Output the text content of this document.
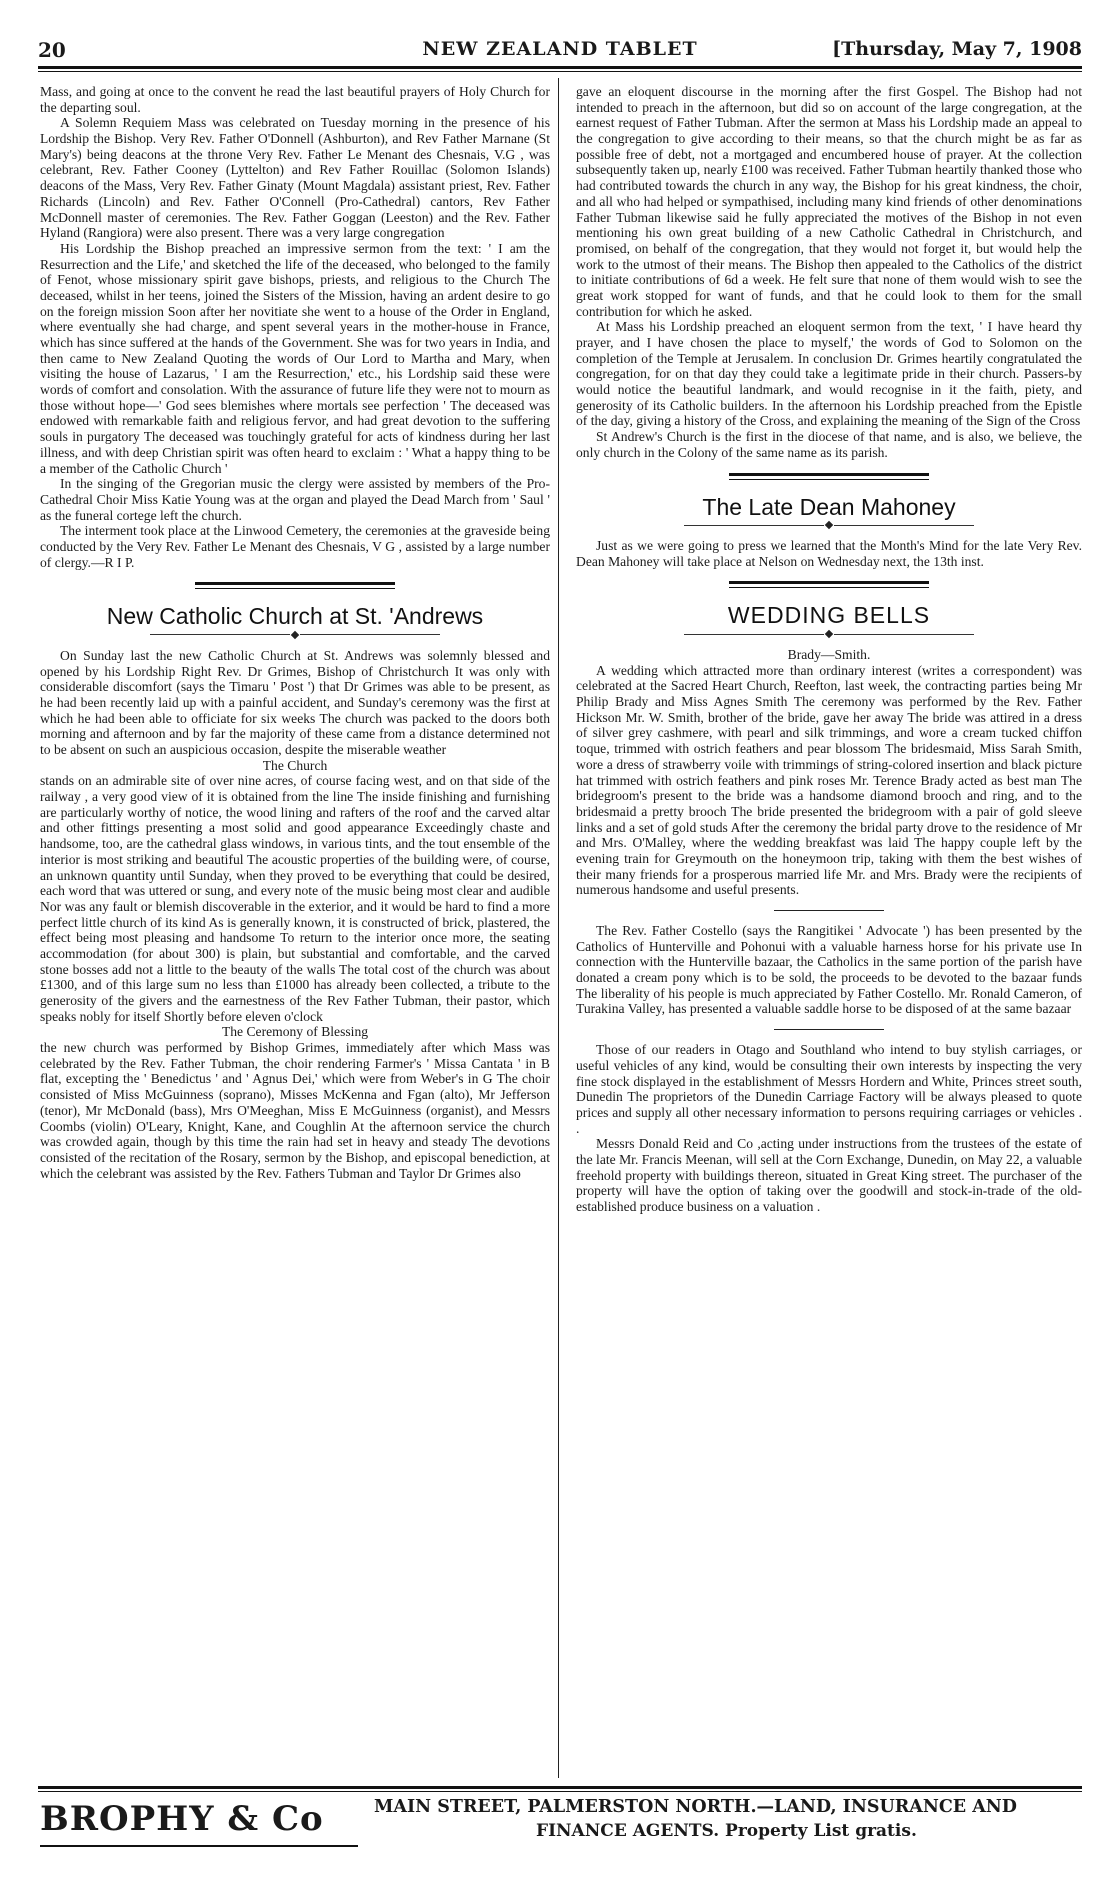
20	NEW ZEALAND TABLET	[Thursday, May 7, 1908

Mass, and going at once to the convent he read the last beautiful prayers of Holy Church for the departing soul.

A Solemn Requiem Mass was celebrated on Tuesday morning in the presence of his Lordship the Bishop. Very Rev. Father O'Donnell (Ashburton), and Rev Father Marnane (St Mary's) being deacons at the throne Very Rev. Father Le Menant des Chesnais, V.G , was celebrant, Rev. Father Cooney (Lyttelton) and Rev Father Rouillac (Solomon Islands) deacons of the Mass, Very Rev. Father Ginaty (Mount Magdala) assistant priest, Rev. Father Richards (Lincoln) and Rev. Father O'Connell (Pro-Cathedral) cantors, Rev Father McDonnell master of ceremonies. The Rev. Father Goggan (Leeston) and the Rev. Father Hyland (Rangiora) were also present. There was a very large congregation

His Lordship the Bishop preached an impressive sermon from the text: ' I am the Resurrection and the Life,' and sketched the life of the deceased, who belonged to the family of Fenot, whose missionary spirit gave bishops, priests, and religious to the Church The deceased, whilst in her teens, joined the Sisters of the Mission, having an ardent desire to go on the foreign mission Soon after her novitiate she went to a house of the Order in England, where eventually she had charge, and spent several years in the mother-house in France, which has since suffered at the hands of the Government. She was for two years in India, and then came to New Zealand Quoting the words of Our Lord to Martha and Mary, when visiting the house of Lazarus, ' I am the Resurrection,' etc., his Lordship said these were words of comfort and consolation. With the assurance of future life they were not to mourn as those without hope—' God sees blemishes where mortals see perfection ' The deceased was endowed with remarkable faith and religious fervor, and had great devotion to the suffering souls in purgatory The deceased was touchingly grateful for acts of kindness during her last illness, and with deep Christian spirit was often heard to exclaim : ' What a happy thing to be a member of the Catholic Church '

In the singing of the Gregorian music the clergy were assisted by members of the Pro-Cathedral Choir Miss Katie Young was at the organ and played the Dead March from ' Saul ' as the funeral cortege left the church.

The interment took place at the Linwood Cemetery, the ceremonies at the graveside being conducted by the Very Rev. Father Le Menant des Chesnais, V G , assisted by a large number of clergy.—R I P.

New Catholic Church at St. 'Andrews

On Sunday last the new Catholic Church at St. Andrews was solemnly blessed and opened by his Lordship Right Rev. Dr Grimes, Bishop of Christchurch It was only with considerable discomfort (says the Timaru ' Post ') that Dr Grimes was able to be present, as he had been recently laid up with a painful accident, and Sunday's ceremony was the first at which he had been able to officiate for six weeks The church was packed to the doors both morning and afternoon and by far the majority of these came from a distance determined not to be absent on such an auspicious occasion, despite the miserable weather

The Church

stands on an admirable site of over nine acres, of course facing west, and on that side of the railway , a very good view of it is obtained from the line The inside finishing and furnishing are particularly worthy of notice, the wood lining and rafters of the roof and the carved altar and other fittings presenting a most solid and good appearance Exceedingly chaste and handsome, too, are the cathedral glass windows, in various tints, and the tout ensemble of the interior is most striking and beautiful The acoustic properties of the building were, of course, an unknown quantity until Sunday, when they proved to be everything that could be desired, each word that was uttered or sung, and every note of the music being most clear and audible Nor was any fault or blemish discoverable in the exterior, and it would be hard to find a more perfect little church of its kind As is generally known, it is constructed of brick, plastered, the effect being most pleasing and handsome To return to the interior once more, the seating accommodation (for about 300) is plain, but substantial and comfortable, and the carved stone bosses add not a little to the beauty of the walls The total cost of the church was about £1300, and of this large sum no less than £1000 has already been collected, a tribute to the generosity of the givers and the earnestness of the Rev Father Tubman, their pastor, which speaks nobly for itself Shortly before eleven o'clock

The Ceremony of Blessing

the new church was performed by Bishop Grimes, immediately after which Mass was celebrated by the Rev. Father Tubman, the choir rendering Farmer's ' Missa Cantata ' in B flat, excepting the ' Benedictus ' and ' Agnus Dei,' which were from Weber's in G The choir consisted of Miss McGuinness (soprano), Misses McKenna and Fgan (alto), Mr Jefferson (tenor), Mr McDonald (bass), Mrs O'Meeghan, Miss E McGuinness (organist), and Messrs Coombs (violin) O'Leary, Knight, Kane, and Coughlin At the afternoon service the church was crowded again, though by this time the rain had set in heavy and steady The devotions consisted of the recitation of the Rosary, sermon by the Bishop, and episcopal benediction, at which the celebrant was assisted by the Rev. Fathers Tubman and Taylor Dr Grimes also

gave an eloquent discourse in the morning after the first Gospel. The Bishop had not intended to preach in the afternoon, but did so on account of the large congregation, at the earnest request of Father Tubman. After the sermon at Mass his Lordship made an appeal to the congregation to give according to their means, so that the church might be as far as possible free of debt, not a mortgaged and encumbered house of prayer. At the collection subsequently taken up, nearly £100 was received. Father Tubman heartily thanked those who had contributed towards the church in any way, the Bishop for his great kindness, the choir, and all who had helped or sympathised, including many kind friends of other denominations Father Tubman likewise said he fully appreciated the motives of the Bishop in not even mentioning his own great building of a new Catholic Cathedral in Christchurch, and promised, on behalf of the congregation, that they would not forget it, but would help the work to the utmost of their means. The Bishop then appealed to the Catholics of the district to initiate contributions of 6d a week. He felt sure that none of them would wish to see the great work stopped for want of funds, and that he could look to them for the small contribution for which he asked.

At Mass his Lordship preached an eloquent sermon from the text, ' I have heard thy prayer, and I have chosen the place to myself,' the words of God to Solomon on the completion of the Temple at Jerusalem. In conclusion Dr. Grimes heartily congratulated the congregation, for on that day they could take a legitimate pride in their church. Passers-by would notice the beautiful landmark, and would recognise in it the faith, piety, and generosity of its Catholic builders. In the afternoon his Lordship preached from the Epistle of the day, giving a history of the Cross, and explaining the meaning of the Sign of the Cross

St Andrew's Church is the first in the diocese of that name, and is also, we believe, the only church in the Colony of the same name as its parish.

The Late Dean Mahoney

Just as we were going to press we learned that the Month's Mind for the late Very Rev. Dean Mahoney will take place at Nelson on Wednesday next, the 13th inst.

WEDDING BELLS

Brady—Smith.

A wedding which attracted more than ordinary interest (writes a correspondent) was celebrated at the Sacred Heart Church, Reefton, last week, the contracting parties being Mr Philip Brady and Miss Agnes Smith The ceremony was performed by the Rev. Father Hickson Mr. W. Smith, brother of the bride, gave her away The bride was attired in a dress of silver grey cashmere, with pearl and silk trimmings, and wore a cream tucked chiffon toque, trimmed with ostrich feathers and pear blossom The bridesmaid, Miss Sarah Smith, wore a dress of strawberry voile with trimmings of string-colored insertion and black picture hat trimmed with ostrich feathers and pink roses Mr. Terence Brady acted as best man The bridegroom's present to the bride was a handsome diamond brooch and ring, and to the bridesmaid a pretty brooch The bride presented the bridegroom with a pair of gold sleeve links and a set of gold studs After the ceremony the bridal party drove to the residence of Mr and Mrs. O'Malley, where the wedding breakfast was laid The happy couple left by the evening train for Greymouth on the honeymoon trip, taking with them the best wishes of their many friends for a prosperous married life Mr. and Mrs. Brady were the recipients of numerous handsome and useful presents.

The Rev. Father Costello (says the Rangitikei ' Advocate ') has been presented by the Catholics of Hunterville and Pohonui with a valuable harness horse for his private use In connection with the Hunterville bazaar, the Catholics in the same portion of the parish have donated a cream pony which is to be sold, the proceeds to be devoted to the bazaar funds The liberality of his people is much appreciated by Father Costello. Mr. Ronald Cameron, of Turakina Valley, has presented a valuable saddle horse to be disposed of at the same bazaar

Those of our readers in Otago and Southland who intend to buy stylish carriages, or useful vehicles of any kind, would be consulting their own interests by inspecting the very fine stock displayed in the establishment of Messrs Hordern and White, Princes street south, Dunedin The proprietors of the Dunedin Carriage Factory will be always pleased to quote prices and supply all other necessary information to persons requiring carriages or vehicles . .

Messrs Donald Reid and Co ,acting under instructions from the trustees of the estate of the late Mr. Francis Meenan, will sell at the Corn Exchange, Dunedin, on May 22, a valuable freehold property with buildings thereon, situated in Great King street. The purchaser of the property will have the option of taking over the goodwill and stock-in-trade of the old-established produce business on a valuation .

BROPHY & Co	MAIN STREET, PALMERSTON NORTH.—LAND, INSURANCE AND
FINANCE AGENTS. Property List gratis.
